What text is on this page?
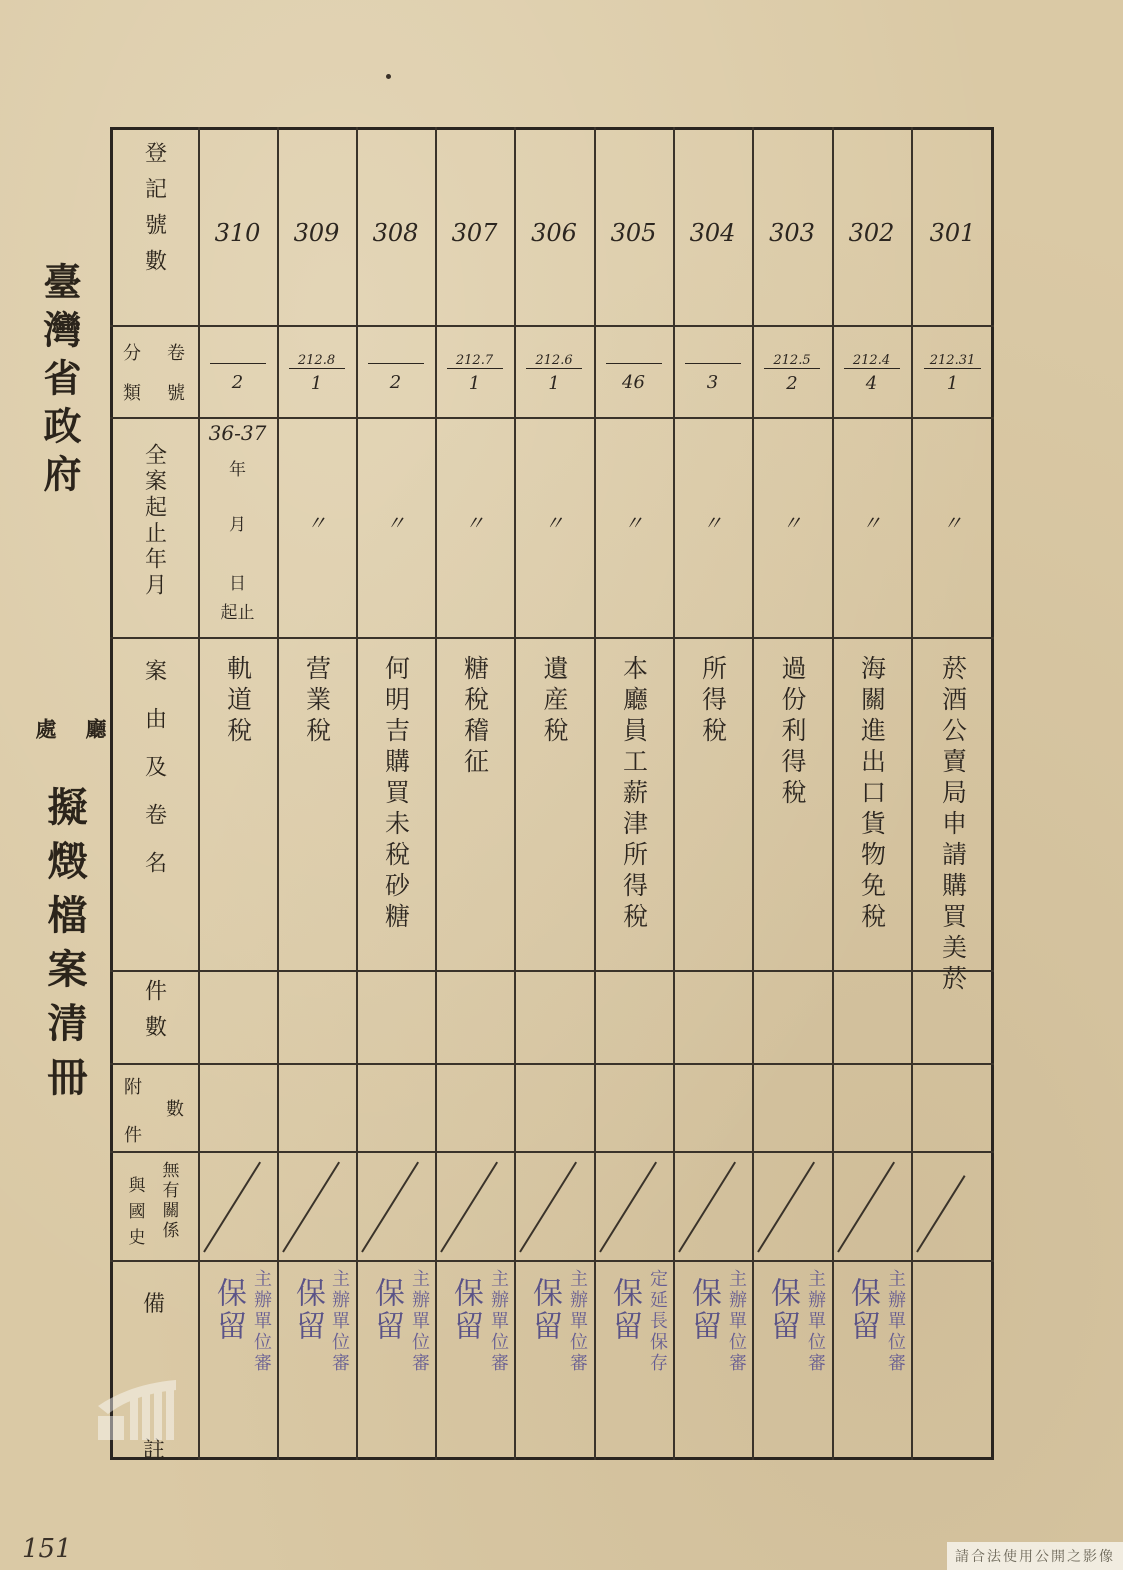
臺灣省政府
廳
處
擬燬檔案清冊
登記號數
分 卷
類 號
全案起止年月
案由及卷名
件數
附
數
件
與
國
史
無
有
關
係
備
註
310
2
36-37
年
月
日
起止
軌道稅
309
212.8
1
〃
营業稅
308
2
〃
何明吉購買未稅砂糖
307
212.7
1
〃
糖稅稽征
306
212.6
1
〃
遺産稅
305
46
〃
本廳員工薪津所得稅
304
3
〃
所得稅
303
212.5
2
〃
過份利得稅
302
212.4
4
〃
海關進出口貨物免稅
301
212.31
1
〃
菸酒公賣局申請購買美菸
保留 主辦單位審 保留 主辦單位審 保留 主辦單位審 保留 主辦單位審 保留 主辦單位審 保留 定延長保存 保留 主辦單位審 保留 主辦單位審 保留 主辦單位審
151	請合法使用公開之影像
